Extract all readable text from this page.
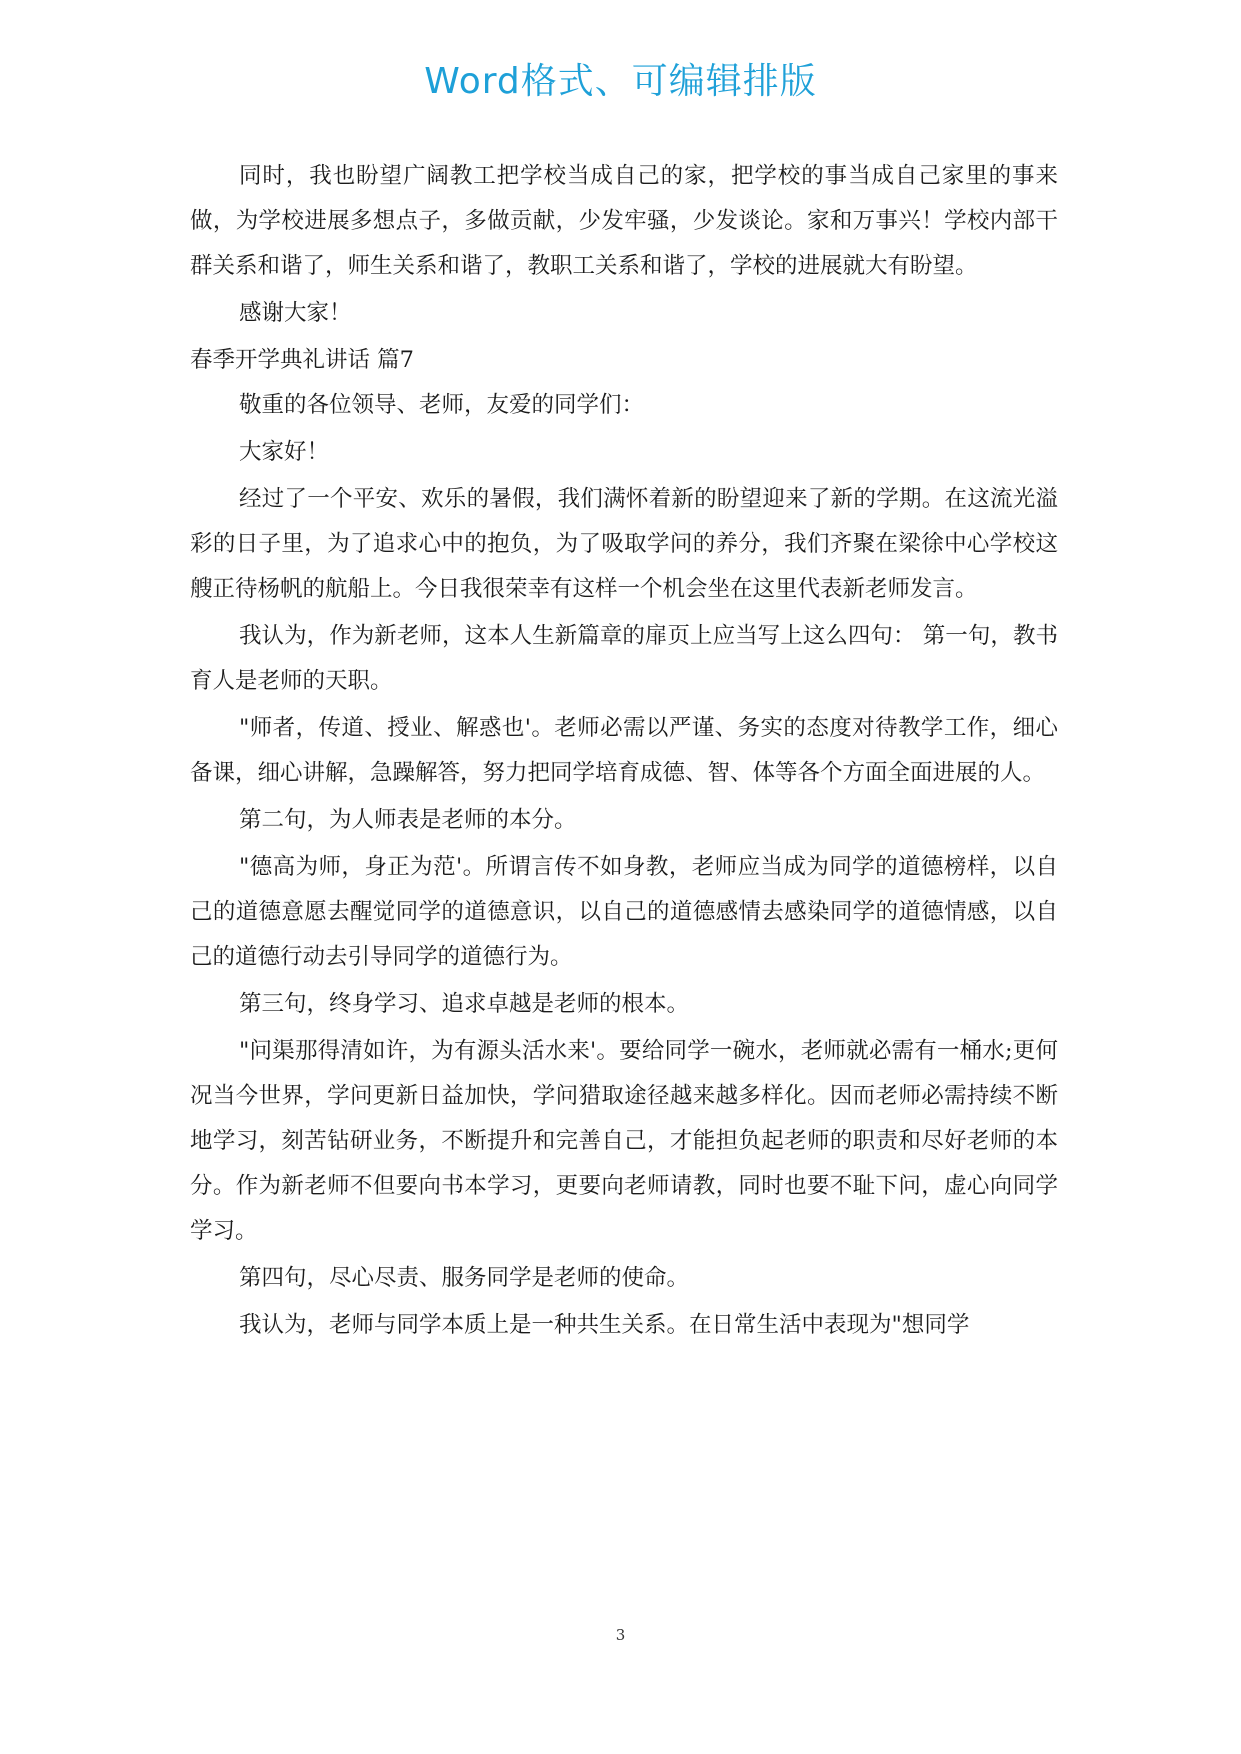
Word格式、可编辑排版

同时，我也盼望广阔教工把学校当成自己的家，把学校的事当成自己家里的事来做，为学校进展多想点子，多做贡献，少发牢骚，少发谈论。家和万事兴！学校内部干群关系和谐了，师生关系和谐了，教职工关系和谐了，学校的进展就大有盼望。

感谢大家！

春季开学典礼讲话 篇7

敬重的各位领导、老师，友爱的同学们：

大家好！

经过了一个平安、欢乐的暑假，我们满怀着新的盼望迎来了新的学期。在这流光溢彩的日子里，为了追求心中的抱负，为了吸取学问的养分，我们齐聚在梁徐中心学校这艘正待杨帆的航船上。今日我很荣幸有这样一个机会坐在这里代表新老师发言。

我认为，作为新老师，这本人生新篇章的扉页上应当写上这么四句： 第一句，教书育人是老师的天职。

"师者，传道、授业、解惑也'。老师必需以严谨、务实的态度对待教学工作，细心备课，细心讲解，急躁解答，努力把同学培育成德、智、体等各个方面全面进展的人。

第二句，为人师表是老师的本分。

"德高为师，身正为范'。所谓言传不如身教，老师应当成为同学的道德榜样，以自己的道德意愿去醒觉同学的道德意识，以自己的道德感情去感染同学的道德情感，以自己的道德行动去引导同学的道德行为。

第三句，终身学习、追求卓越是老师的根本。

"问渠那得清如许，为有源头活水来'。要给同学一碗水，老师就必需有一桶水;更何况当今世界，学问更新日益加快，学问猎取途径越来越多样化。因而老师必需持续不断地学习，刻苦钻研业务，不断提升和完善自己，才能担负起老师的职责和尽好老师的本分。作为新老师不但要向书本学习，更要向老师请教，同时也要不耻下问，虚心向同学学习。

第四句，尽心尽责、服务同学是老师的使命。

我认为，老师与同学本质上是一种共生关系。在日常生活中表现为"想同学

3
